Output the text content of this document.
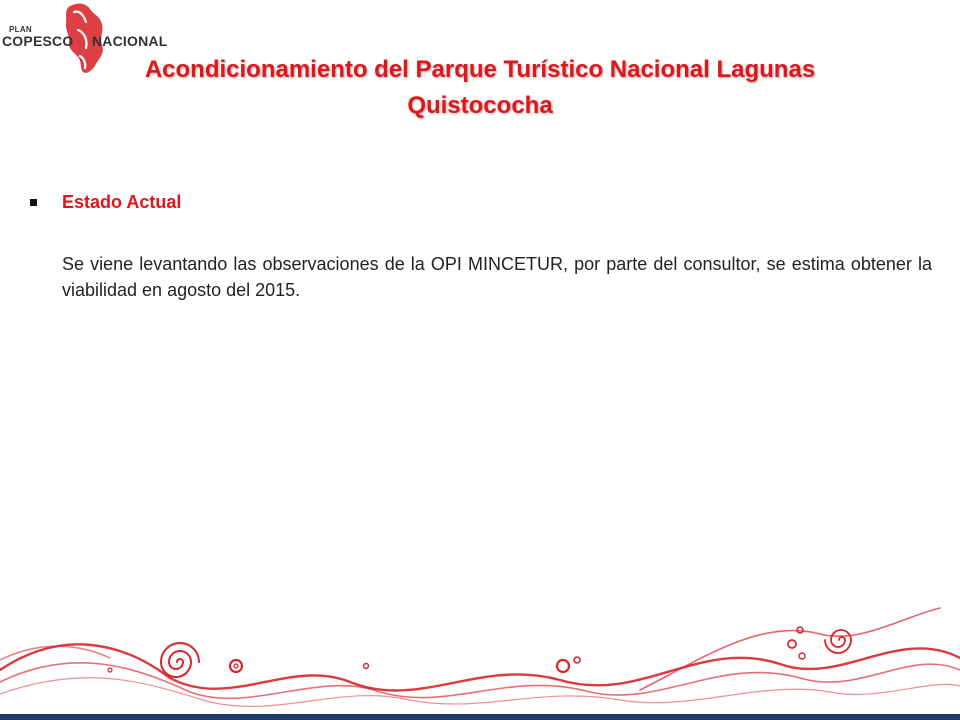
PLAN
COPESCO NACIONAL
Acondicionamiento del Parque Turístico Nacional Lagunas Quistococha
Estado Actual

Se viene levantando las observaciones de la OPI MINCETUR, por parte del consultor, se estima obtener la viabilidad en agosto del 2015.
